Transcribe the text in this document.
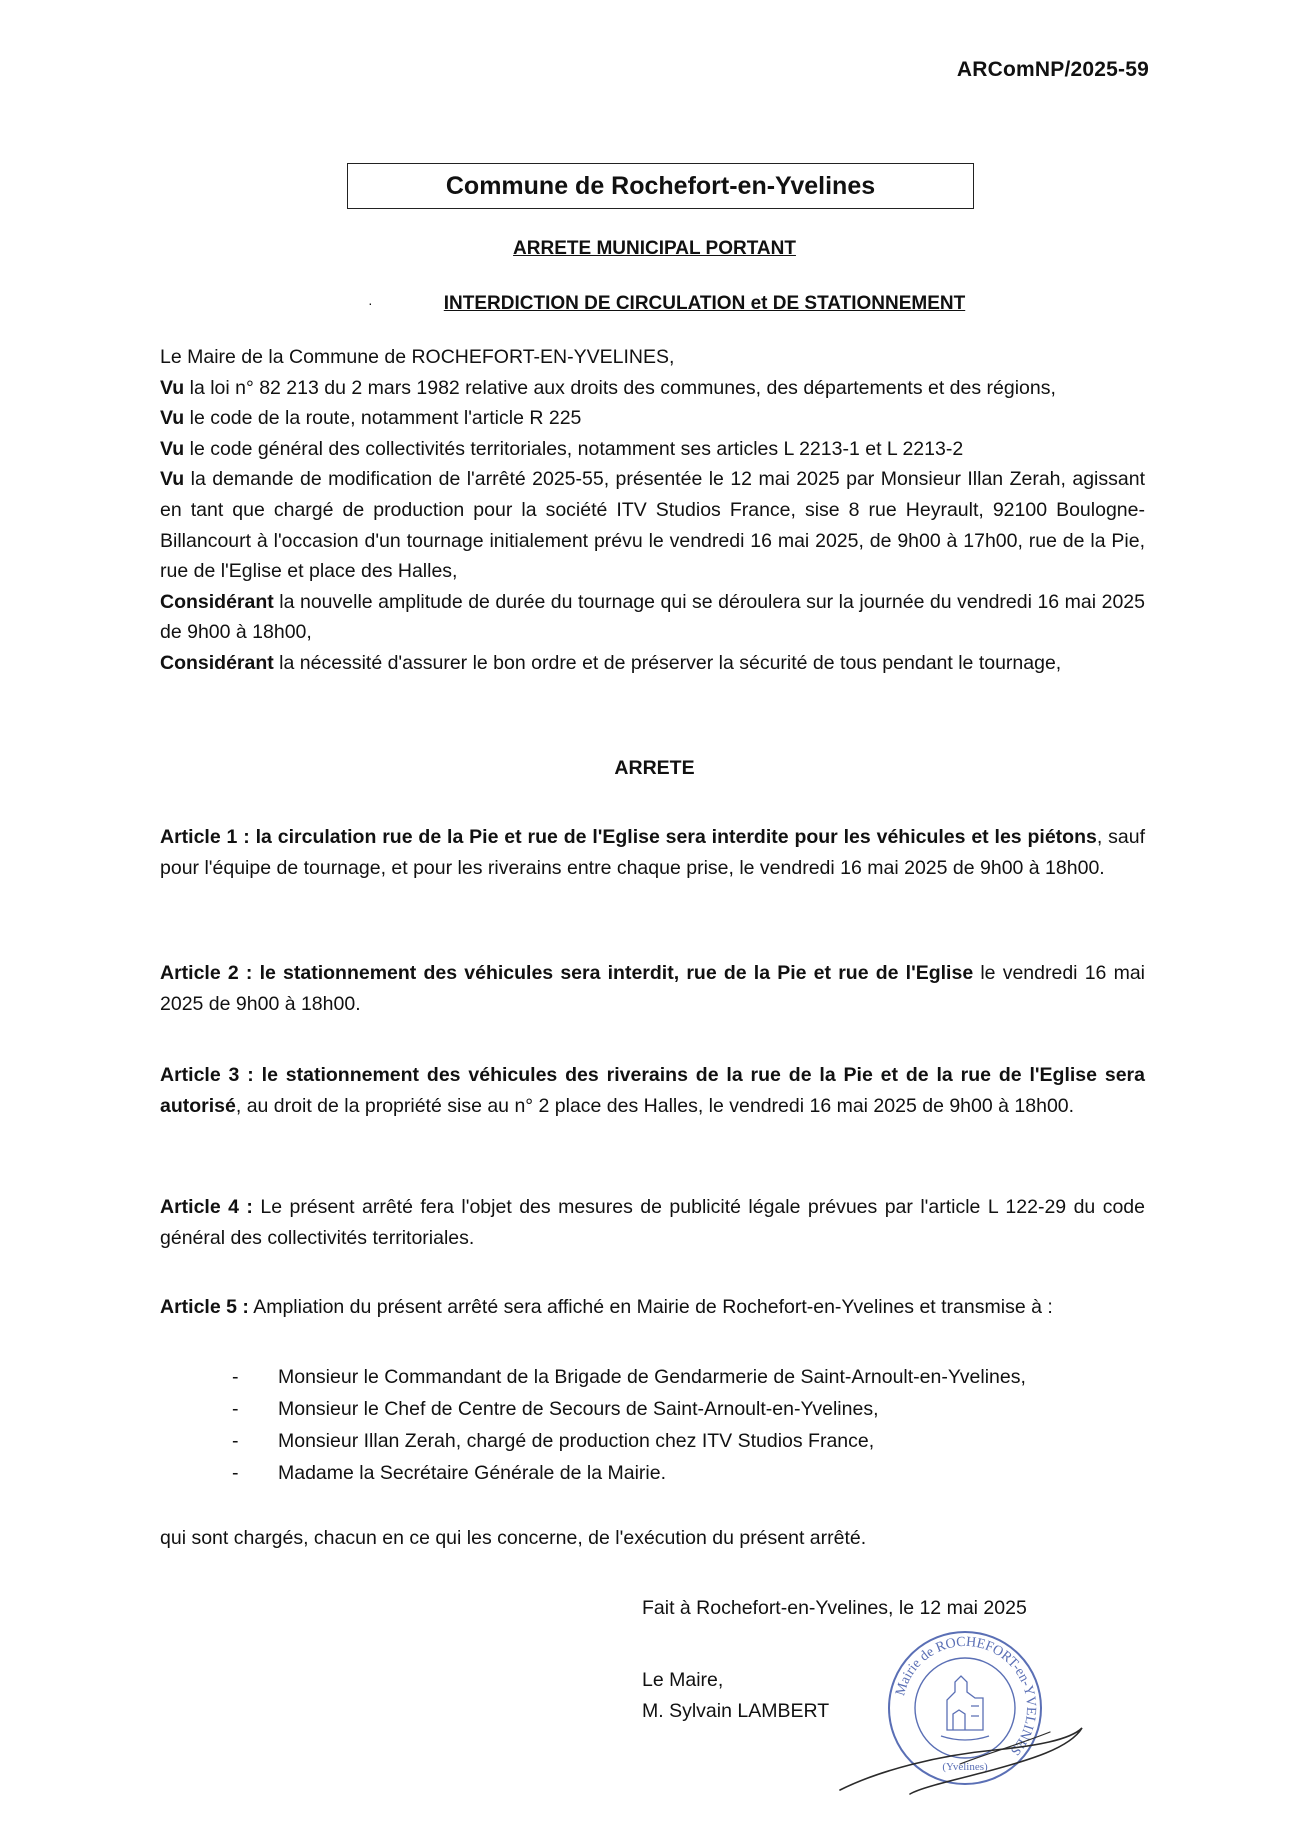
ARComNP/2025-59
Commune de Rochefort-en-Yvelines
ARRETE MUNICIPAL PORTANT
·	INTERDICTION DE CIRCULATION et DE STATIONNEMENT

Le Maire de la Commune de ROCHEFORT-EN-YVELINES,

Vu la loi n° 82 213 du 2 mars 1982 relative aux droits des communes, des départements et des régions,

Vu le code de la route, notamment l'article R 225

Vu le code général des collectivités territoriales, notamment ses articles L 2213-1 et L 2213-2

Vu la demande de modification de l'arrêté 2025-55, présentée le 12 mai 2025 par Monsieur Illan Zerah, agissant en tant que chargé de production pour la société ITV Studios France, sise 8 rue Heyrault, 92100 Boulogne-Billancourt à l'occasion d'un tournage initialement prévu le vendredi 16 mai 2025, de 9h00 à 17h00, rue de la Pie, rue de l'Eglise et place des Halles,

Considérant la nouvelle amplitude de durée du tournage qui se déroulera sur la journée du vendredi 16 mai 2025 de 9h00 à 18h00,

Considérant la nécessité d'assurer le bon ordre et de préserver la sécurité de tous pendant le tournage,

ARRETE

Article 1 : la circulation rue de la Pie et rue de l'Eglise sera interdite pour les véhicules et les piétons, sauf pour l'équipe de tournage, et pour les riverains entre chaque prise, le vendredi 16 mai 2025 de 9h00 à 18h00.

Article 2 : le stationnement des véhicules sera interdit, rue de la Pie et rue de l'Eglise le vendredi 16 mai 2025 de 9h00 à 18h00.

Article 3 : le stationnement des véhicules des riverains de la rue de la Pie et de la rue de l'Eglise sera autorisé, au droit de la propriété sise au n° 2 place des Halles, le vendredi 16 mai 2025 de 9h00 à 18h00.

Article 4 : Le présent arrêté fera l'objet des mesures de publicité légale prévues par l'article L 122-29 du code général des collectivités territoriales.

Article 5 : Ampliation du présent arrêté sera affiché en Mairie de Rochefort-en-Yvelines et transmise à :

-	Monsieur le Commandant de la Brigade de Gendarmerie de Saint-Arnoult-en-Yvelines,
-	Monsieur le Chef de Centre de Secours de Saint-Arnoult-en-Yvelines,
-	Monsieur Illan Zerah, chargé de production chez ITV Studios France,
-	Madame la Secrétaire Générale de la Mairie.
qui sont chargés, chacun en ce qui les concerne, de l'exécution du présent arrêté.
Fait à Rochefort-en-Yvelines, le 12 mai 2025
Le Maire,
M. Sylvain LAMBERT
Mairie de ROCHEFORT-en-YVELINES
(Yvelines)
